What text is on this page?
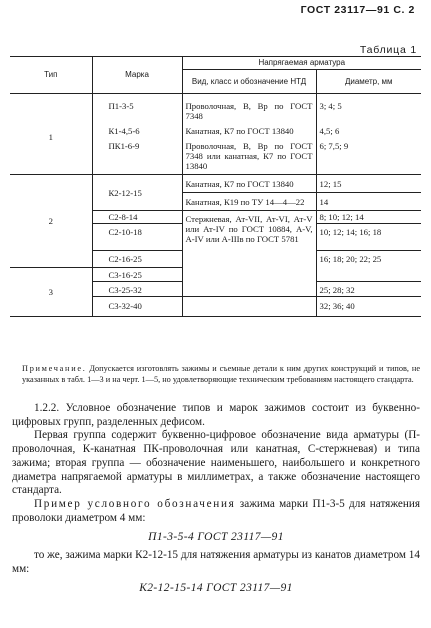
ГОСТ 23117—91 С. 2
Таблица 1
Тип	Марка	Напрягаемая арматура	
		Вид, класс и обозначение НТД	Диаметр, мм

1	П1-3-5	Проволочная, В, Вр по ГОСТ 7348	3; 4; 5
	К1-4,5-6	Канатная, К7 по ГОСТ 13840	4,5; 6
	ПК1-6-9	Проволочная, В, Вр по ГОСТ 7348 или канатная, К7 по ГОСТ 13840	6; 7,5; 9
2	К2-12-15	Канатная, К7 по ГОСТ 13840	12; 15
		Канатная, К19 по ТУ 14—4—22	14
	С2-8-14	Стержневая, Ат-VII, Ат-VI, Ат-V или Ат-IV по ГОСТ 10884, А-V, A-IV или А-IIIв по ГОСТ 5781	8; 10; 12; 14
	С2-10-18		10; 12; 14; 16; 18
	С2-16-25		16; 18; 20; 22; 25
3	С3-16-25		
	С3-25-32		25; 28; 32
	С3-32-40		32; 36; 40
Примечание. Допускается изготовлять зажимы и съемные детали к ним других конструкций и типов, не указанных в табл. 1—3 и на черт. 1—5, но удовлетворяющие техническим требованиям настоящего стандарта.

1.2.2. Условное обозначение типов и марок зажимов состоит из буквенно-цифровых групп, разделенных дефисом.

Первая группа содержит буквенно-цифровое обозначение вида арматуры (П-проволочная, К-канатная ПК-проволочная или канатная, С-стержневая) и типа зажима; вторая группа — обозначение наименьшего, наибольшего и конкретного диаметра напрягаемой арматуры в миллиметрах, а также обозначение настоящего стандарта.

Пример условного обозначения зажима марки П1-3-5 для натяжения проволоки диаметром 4 мм:

П1-3-5-4 ГОСТ 23117—91

то же, зажима марки К2-12-15 для натяжения арматуры из канатов диаметром 14 мм:

К2-12-15-14 ГОСТ 23117—91
